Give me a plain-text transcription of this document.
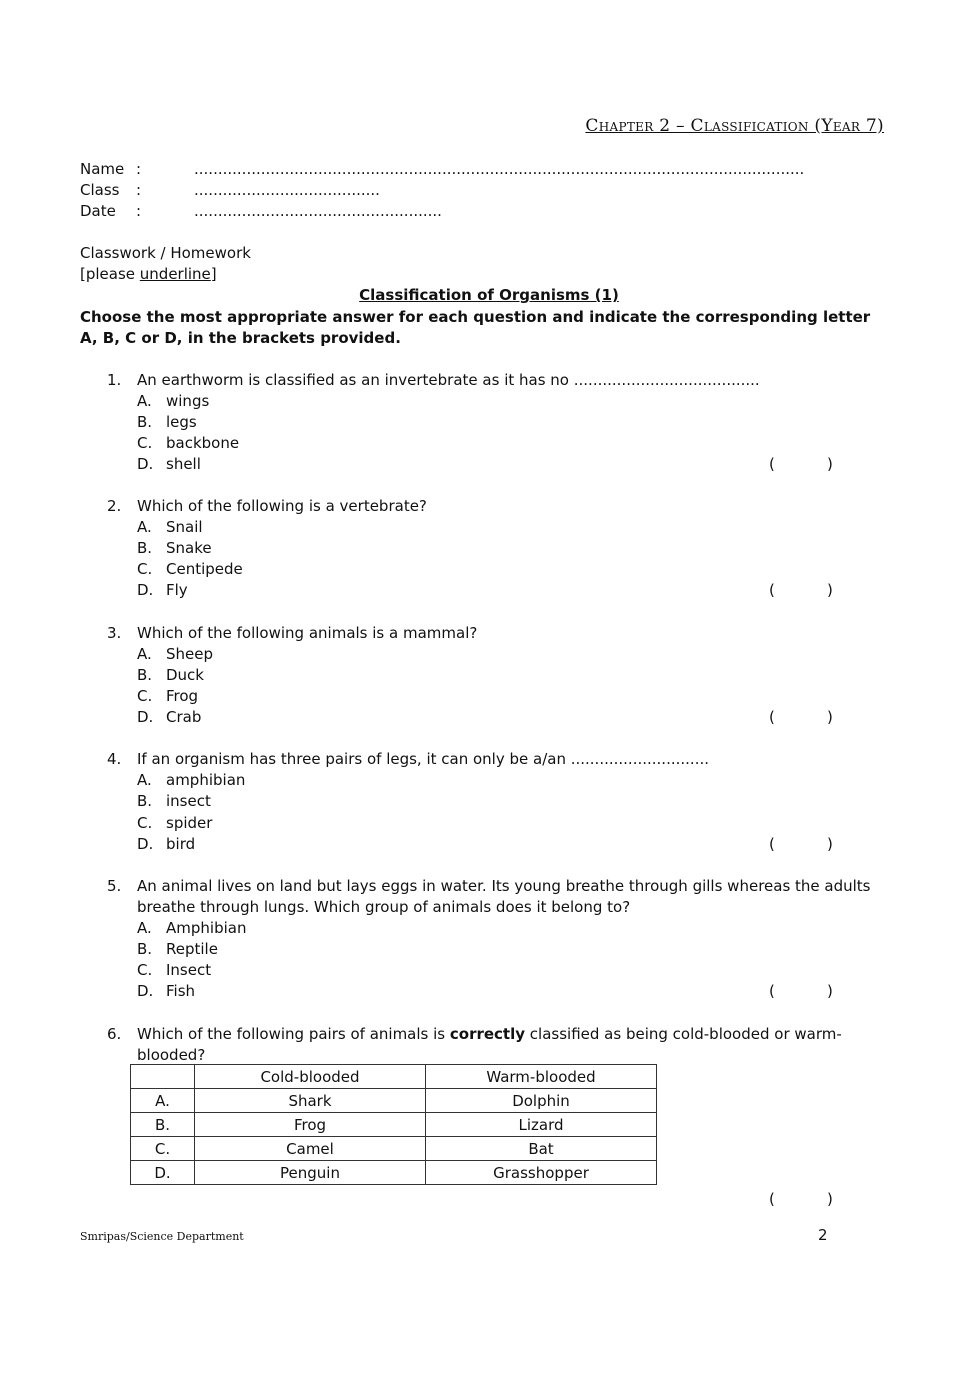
Chapter 2 – Classification (Year 7)
Name :	................................................................................................................................
Class	:	.......................................
Date	:	....................................................
Classwork / Homework
[please underline]
Classification of Organisms (1)
Choose the most appropriate answer for each question and indicate the corresponding letter A, B, C or D, in the brackets provided.
1.	An earthworm is classified as an invertebrate as it has no .......................................
A. wings
B. legs
C. backbone
D. shell	(	)
2.	Which of the following is a vertebrate?
A. Snail
B. Snake
C. Centipede
D. Fly	(	)
3.	Which of the following animals is a mammal?
A. Sheep
B. Duck
C. Frog
D. Crab	(	)
4.	If an organism has three pairs of legs, it can only be a/an .............................
A. amphibian
B. insect
C. spider
D. bird	(	)
5.	An animal lives on land but lays eggs in water. Its young breathe through gills whereas the adults
breathe through lungs. Which group of animals does it belong to?
A. Amphibian
B. Reptile
C. Insect
D. Fish	(	)
6.	Which of the following pairs of animals is correctly classified as being cold-blooded or warm-
blooded?
	Cold-blooded	Warm-blooded
A.	Shark	Dolphin
B.	Frog	Lizard
C.	Camel	Bat
D.	Penguin	Grasshopper
(	)
Smripas/Science Department	2
